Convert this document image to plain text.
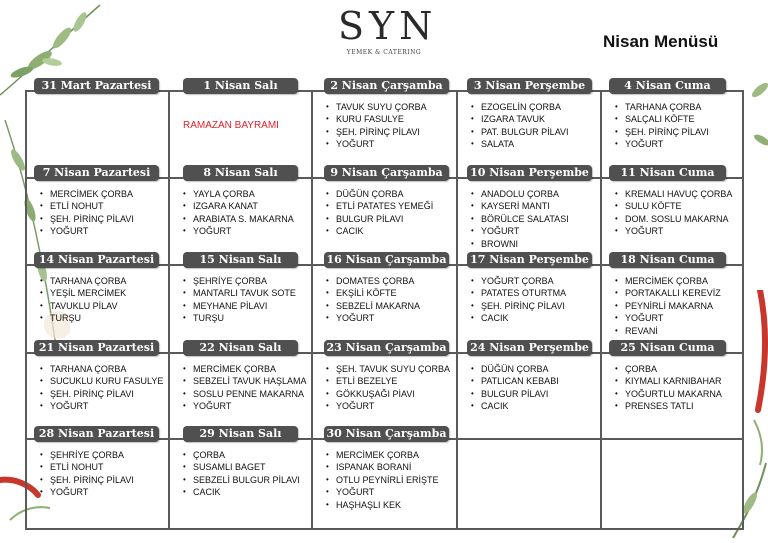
SYN
YEMEK & CATERING
Nisan Menüsü
31 Mart Pazartesi	1 Nisan Salı	2 Nisan Çarşamba
• TAVUK SUYU ÇORBA
• KURU FASULYE
• ŞEH. PİRİNÇ PİLAVI
• YOĞURT
3 Nisan Perşembe
• EZOGELİN ÇORBA
• IZGARA TAVUK
• PAT. BULGUR PİLAVI
• SALATA
4 Nisan Cuma
• TARHANA ÇORBA
• SALÇALI KÖFTE
• ŞEH. PİRİNÇ PİLAVI
• YOĞURT
7 Nisan Pazartesi
• MERCİMEK ÇORBA
• ETLİ NOHUT
• ŞEH. PİRİNÇ PİLAVI
• YOĞURT
8 Nisan Salı
• YAYLA ÇORBA
• IZGARA KANAT
• ARABIATA S. MAKARNA
• YOĞURT
9 Nisan Çarşamba
• DÜĞÜN ÇORBA
• ETLİ PATATES YEMEĞİ
• BULGUR PİLAVI
• CACIK
10 Nisan Perşembe
• ANADOLU ÇORBA
• KAYSERİ MANTI
• BÖRÜLCE SALATASI
• YOĞURT
• BROWNI
11 Nisan Cuma
• KREMALI HAVUÇ ÇORBA
• SULU KÖFTE
• DOM. SOSLU MAKARNA
• YOĞURT
14 Nisan Pazartesi
• TARHANA ÇORBA
• YEŞİL MERCİMEK
• TAVUKLU PİLAV
• TURŞU
15 Nisan Salı
• ŞEHRİYE ÇORBA
• MANTARLI TAVUK SOTE
• MEYHANE PİLAVI
• TURŞU
16 Nisan Çarşamba
• DOMATES ÇORBA
• EKŞİLİ KÖFTE
• SEBZELİ MAKARNA
• YOĞURT
17 Nisan Perşembe
• YOĞURT ÇORBA
• PATATES OTURTMA
• ŞEH. PİRİNÇ PİLAVI
• CACIK
18 Nisan Cuma
• MERCİMEK ÇORBA
• PORTAKALLI KEREVİZ
• PEYNİRLİ MAKARNA
• YOĞURT
• REVANİ
21 Nisan Pazartesi
• TARHANA ÇORBA
• SUCUKLU KURU FASULYE
• ŞEH. PİRİNÇ PİLAVI
• YOĞURT
22 Nisan Salı
• MERCİMEK ÇORBA
• SEBZELİ TAVUK HAŞLAMA
• SOSLU PENNE MAKARNA
• YOĞURT
23 Nisan Çarşamba
• ŞEH. TAVUK SUYU ÇORBA
• ETLİ BEZELYE
• GÖKKUŞAĞI PİAVI
• YOĞURT
24 Nisan Perşembe
• DÜĞÜN ÇORBA
• PATLICAN KEBABI
• BULGUR PİLAVI
• CACIK
25 Nisan Cuma
• ÇORBA
• KIYMALI KARNIBAHAR
• YOĞURTLU MAKARNA
• PRENSES TATLI
28 Nisan Pazartesi
• ŞEHRİYE ÇORBA
• ETLİ NOHUT
• ŞEH. PİRİNÇ PİLAVI
• YOĞURT
29 Nisan Salı
• ÇORBA
• SUSAMLI BAGET
• SEBZELİ BULGUR PİLAVI
• CACIK
30 Nisan Çarşamba
• MERCİMEK ÇORBA
• ISPANAK BORANİ
• OTLU PEYNİRLİ ERİŞTE
• YOĞURT
• HAŞHAŞLI KEK
RAMAZAN BAYRAMI
